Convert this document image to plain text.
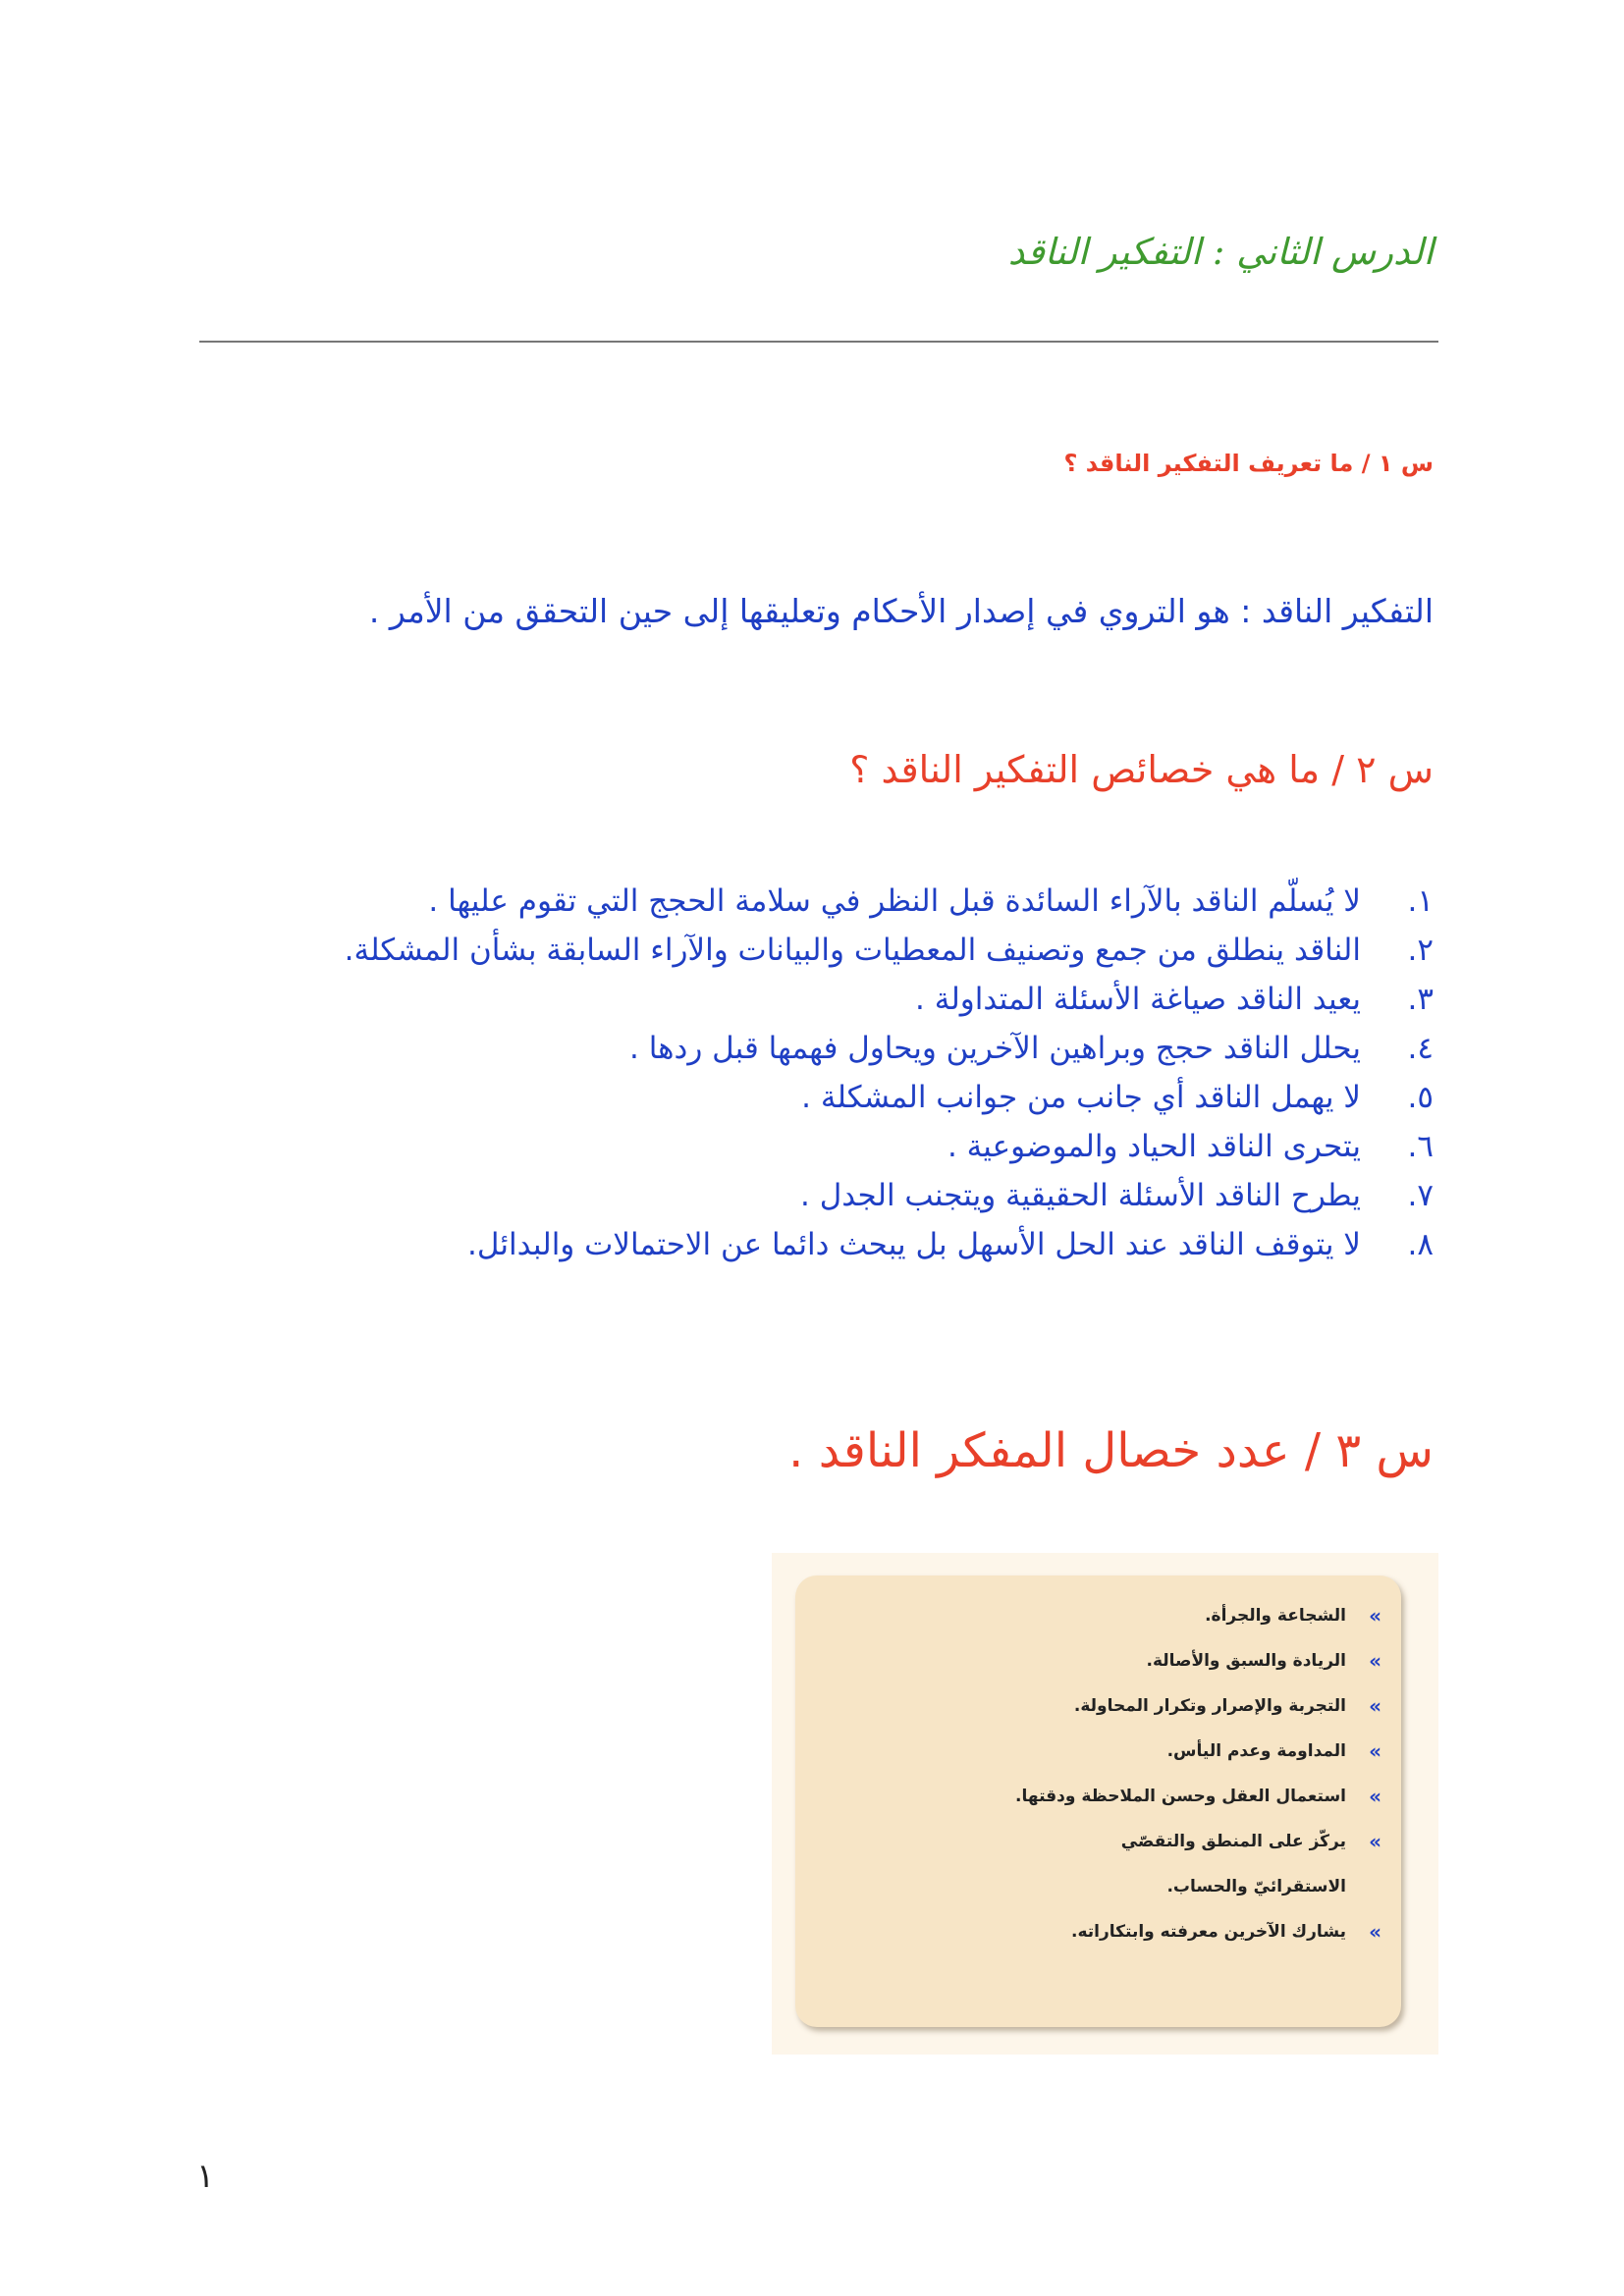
الدرس الثاني : التفكير الناقد
س ١ / ما تعريف التفكير الناقد ؟
التفكير الناقد : هو التروي في إصدار الأحكام وتعليقها إلى حين التحقق من الأمر .
س ٢ / ما هي خصائص التفكير الناقد ؟
١.
لا يُسلّم الناقد بالآراء السائدة قبل النظر في سلامة الحجج التي تقوم عليها .
٢.
الناقد ينطلق من جمع وتصنيف المعطيات والبيانات والآراء السابقة بشأن المشكلة.
٣.
يعيد الناقد صياغة الأسئلة المتداولة .
٤.
يحلل الناقد حجج وبراهين الآخرين ويحاول فهمها قبل ردها .
٥.
لا يهمل الناقد أي جانب من جوانب المشكلة .
٦.
يتحرى الناقد الحياد والموضوعية .
٧.
يطرح الناقد الأسئلة الحقيقية ويتجنب الجدل .
٨.
لا يتوقف الناقد عند الحل الأسهل بل يبحث دائما عن الاحتمالات والبدائل.
س ٣ / عدد خصال المفكر الناقد .
»
الشجاعة والجرأة.
»
الريادة والسبق والأصالة.
»
التجربة والإصرار وتكرار المحاولة.
»
المداومة وعدم اليأس.
»
استعمال العقل وحسن الملاحظة ودقتها.
»
يركّز على المنطق والتقصّي الاستقرائيّ والحساب.
»
يشارك الآخرين معرفته وابتكاراته.
١
